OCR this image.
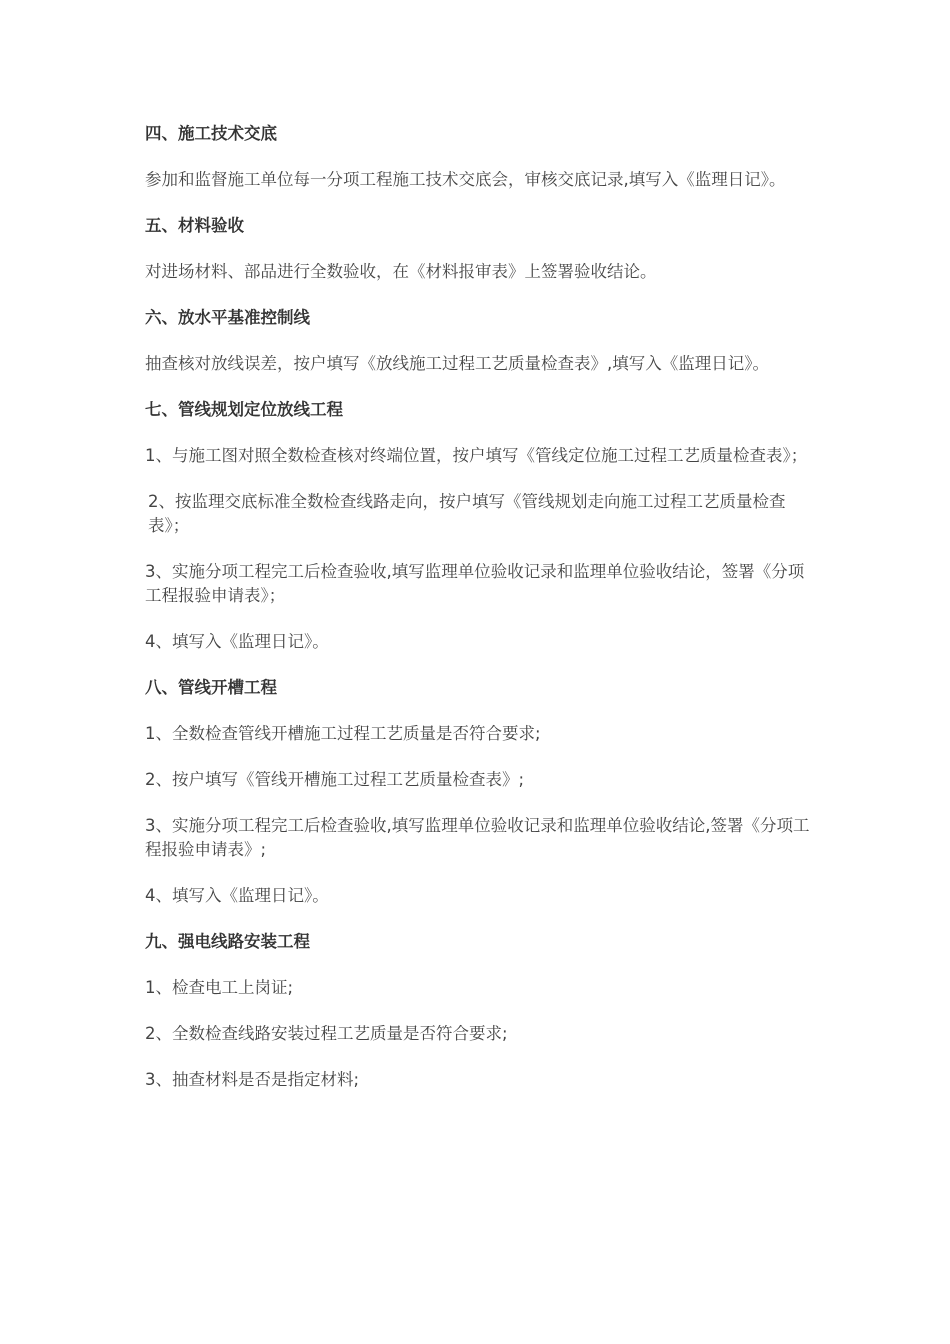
四、施工技术交底
参加和监督施工单位每一分项工程施工技术交底会，审核交底记录,填写入《监理日记》。
五、材料验收
对进场材料、部品进行全数验收，在《材料报审表》上签署验收结论。
六、放水平基准控制线
抽查核对放线误差，按户填写《放线施工过程工艺质量检查表》,填写入《监理日记》。
七、管线规划定位放线工程
1、与施工图对照全数检查核对终端位置，按户填写《管线定位施工过程工艺质量检查表》；
2、按监理交底标准全数检查线路走向，按户填写《管线规划走向施工过程工艺质量检查表》；
3、实施分项工程完工后检查验收,填写监理单位验收记录和监理单位验收结论，签署《分项工程报验申请表》；
4、填写入《监理日记》。
八、管线开槽工程
1、全数检查管线开槽施工过程工艺质量是否符合要求;
2、按户填写《管线开槽施工过程工艺质量检查表》;
3、实施分项工程完工后检查验收,填写监理单位验收记录和监理单位验收结论,签署《分项工程报验申请表》;
4、填写入《监理日记》。
九、强电线路安装工程
1、检查电工上岗证;
2、全数检查线路安装过程工艺质量是否符合要求;
3、抽查材料是否是指定材料;
